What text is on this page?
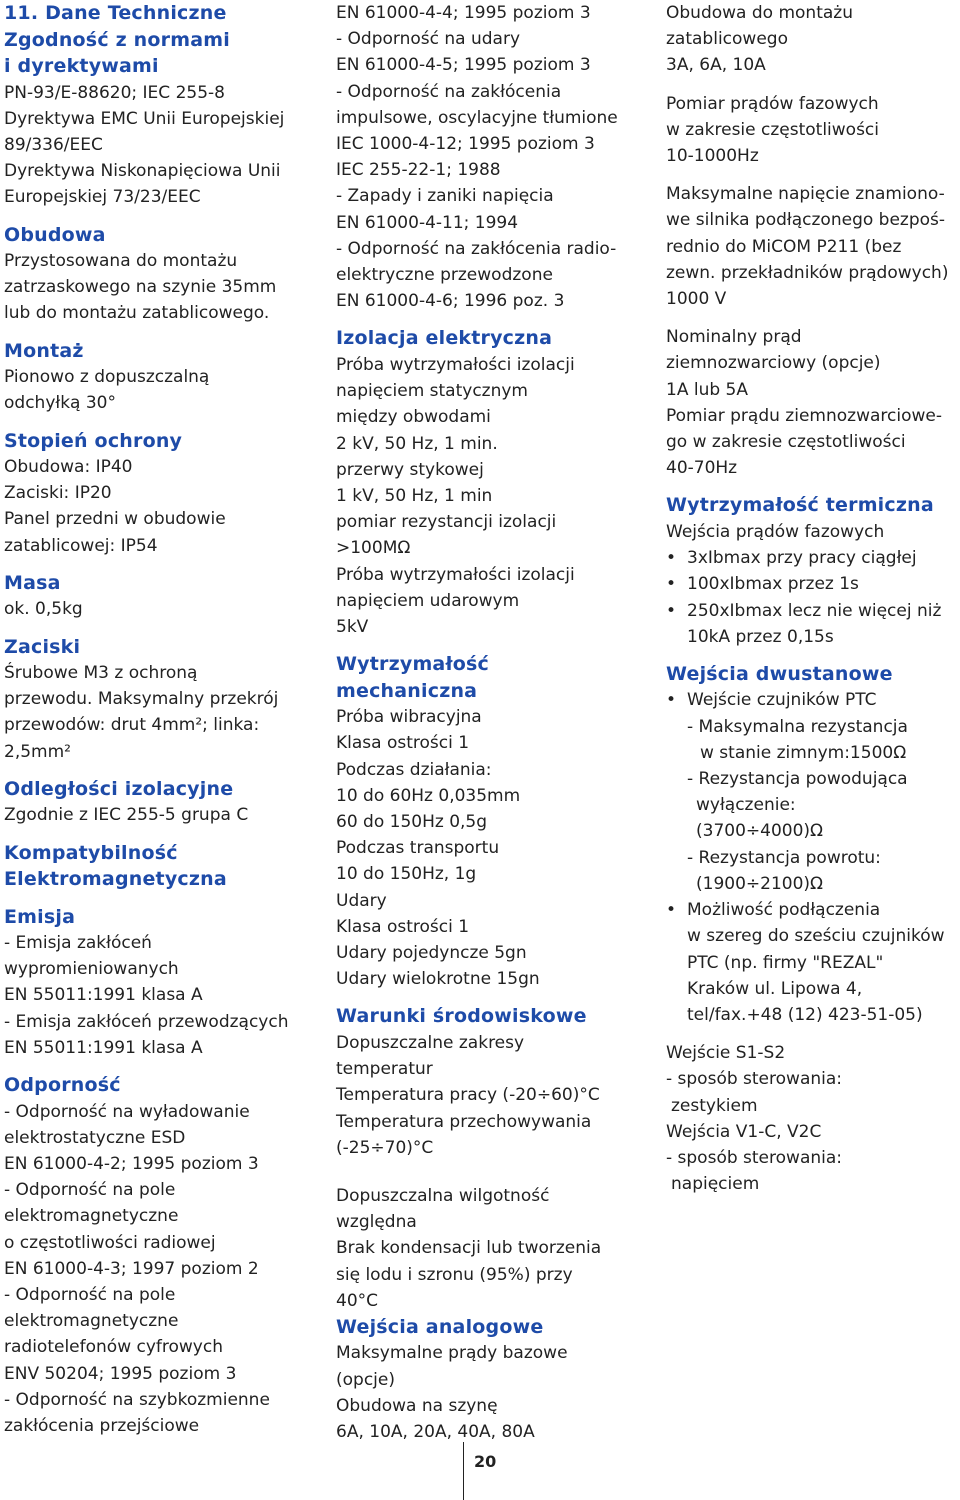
11. Dane Techniczne
Zgodność z normami
i dyrektywami
PN-93/E-88620; IEC 255-8
Dyrektywa EMC Unii Europejskiej
89/336/EEC
Dyrektywa Niskonapięciowa Unii
Europejskiej 73/23/EEC
Obudowa
Przystosowana do montażu
zatrzaskowego na szynie 35mm
lub do montażu zatablicowego.
Montaż
Pionowo z dopuszczalną
odchyłką 30°
Stopień ochrony
Obudowa: IP40
Zaciski: IP20
Panel przedni w obudowie
zatablicowej: IP54
Masa
ok. 0,5kg
Zaciski
Śrubowe M3 z ochroną
przewodu. Maksymalny przekrój
przewodów: drut 4mm²; linka:
2,5mm²
Odległości izolacyjne
Zgodnie z IEC 255-5 grupa C
Kompatybilność
Elektromagnetyczna
Emisja
- Emisja zakłóceń
wypromieniowanych
EN 55011:1991 klasa A
- Emisja zakłóceń przewodzących
EN 55011:1991 klasa A
Odporność
- Odporność na wyładowanie
elektrostatyczne ESD
EN 61000-4-2; 1995 poziom 3
- Odporność na pole
elektromagnetyczne
o częstotliwości radiowej
EN 61000-4-3; 1997 poziom 2
- Odporność na pole
elektromagnetyczne
radiotelefonów cyfrowych
ENV 50204; 1995 poziom 3
- Odporność na szybkozmienne
zakłócenia przejściowe
EN 61000-4-4; 1995 poziom 3
- Odporność na udary
EN 61000-4-5; 1995 poziom 3
- Odporność na zakłócenia
impulsowe, oscylacyjne tłumione
IEC 1000-4-12; 1995 poziom 3
IEC 255-22-1; 1988
- Zapady i zaniki napięcia
EN 61000-4-11; 1994
- Odporność na zakłócenia radio-
elektryczne przewodzone
EN 61000-4-6; 1996 poz. 3
Izolacja elektryczna
Próba wytrzymałości izolacji
napięciem statycznym
między obwodami
2 kV, 50 Hz, 1 min.
przerwy stykowej
1 kV, 50 Hz, 1 min
pomiar rezystancji izolacji
>100MΩ
Próba wytrzymałości izolacji
napięciem udarowym
5kV
Wytrzymałość
mechaniczna
Próba wibracyjna
Klasa ostrości 1
Podczas działania:
10 do 60Hz 0,035mm
60 do 150Hz 0,5g
Podczas transportu
10 do 150Hz, 1g
Udary
Klasa ostrości 1
Udary pojedyncze 5gn
Udary wielokrotne 15gn
Warunki środowiskowe
Dopuszczalne zakresy
temperatur
Temperatura pracy (-20÷60)°C
Temperatura przechowywania
(-25÷70)°C
Dopuszczalna wilgotność
względna
Brak kondensacji lub tworzenia
się lodu i szronu (95%) przy
40°C
Wejścia analogowe
Maksymalne prądy bazowe
(opcje)
Obudowa na szynę
6A, 10A, 20A, 40A, 80A
Obudowa do montażu
zatablicowego
3A, 6A, 10A
Pomiar prądów fazowych
w zakresie częstotliwości
10-1000Hz
Maksymalne napięcie znamiono-
we silnika podłączonego bezpoś-
rednio do MiCOM P211 (bez
zewn. przekładników prądowych)
1000 V
Nominalny prąd
ziemnozwarciowy (opcje)
1A lub 5A
Pomiar prądu ziemnozwarciowe-
go w zakresie częstotliwości
40-70Hz
Wytrzymałość termiczna
Wejścia prądów fazowych
• 3xIbmax przy pracy ciągłej
• 100xIbmax przez 1s
• 250xIbmax lecz nie więcej niż
10kA przez 0,15s
Wejścia dwustanowe
• Wejście czujników PTC
- Maksymalna rezystancja
w stanie zimnym:1500Ω
- Rezystancja powodująca
wyłączenie:
(3700÷4000)Ω
- Rezystancja powrotu:
(1900÷2100)Ω
• Możliwość podłączenia
w szereg do sześciu czujników
PTC (np. firmy "REZAL"
Kraków ul. Lipowa 4,
tel/fax.+48 (12) 423-51-05)
Wejście S1-S2
- sposób sterowania:
zestykiem
Wejścia V1-C, V2C
- sposób sterowania:
napięciem
20
